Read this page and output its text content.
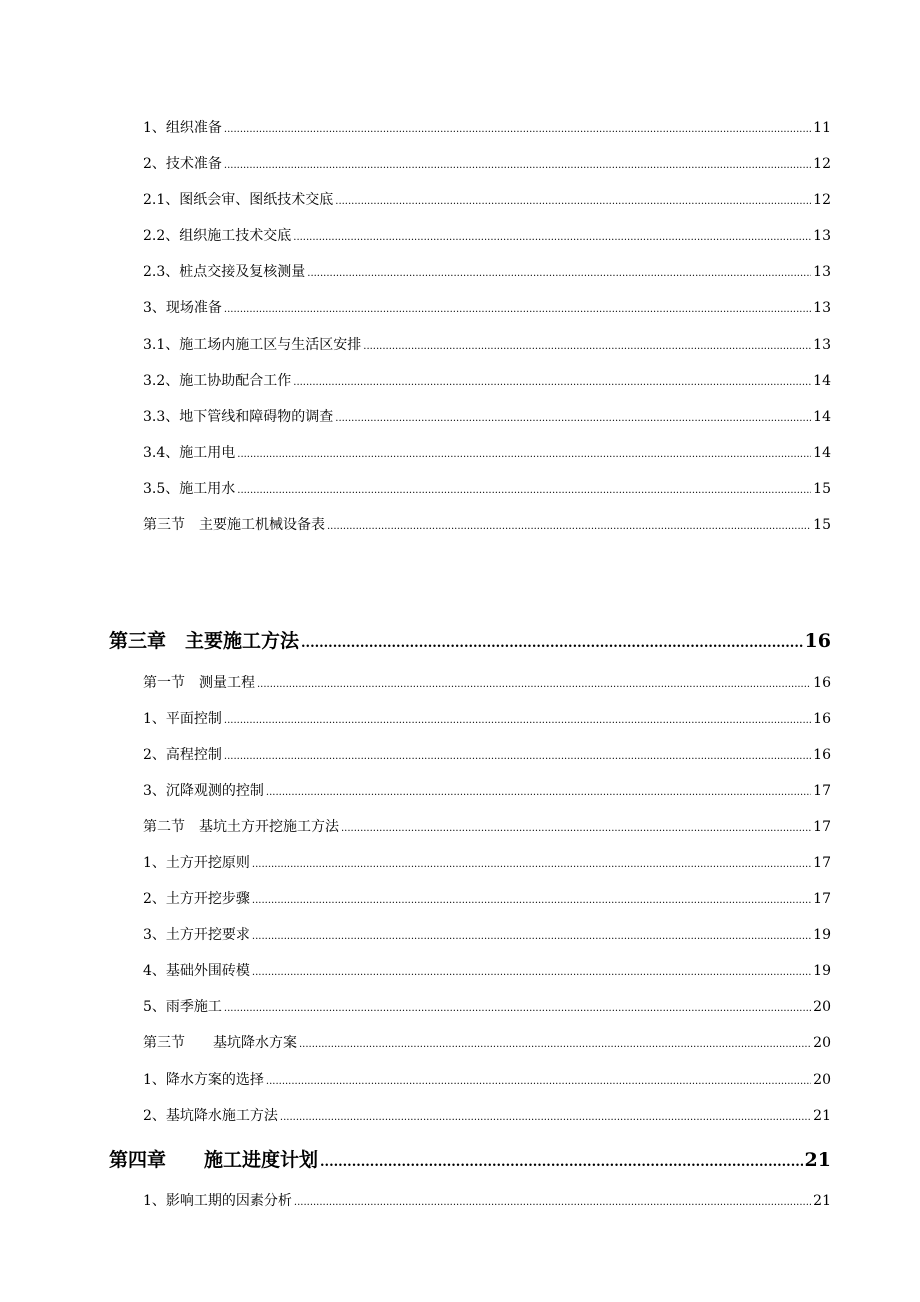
1、组织准备 .....	11
2、技术准备 .....	12
2.1、图纸会审、图纸技术交底 .....	12
2.2、组织施工技术交底 .....	13
2.3、桩点交接及复核测量 .....	13
3、现场准备 .....	13
3.1、施工场内施工区与生活区安排 .....	13
3.2、施工协助配合工作 .....	14
3.3、地下管线和障碍物的调查 .....	14
3.4、施工用电 .....	14
3.5、施工用水 .....	15
第三节　主要施工机械设备表 .....	15
第三章　主要施工方法 .....	16
第一节　测量工程 .....	16
1、平面控制 .....	16
2、高程控制 .....	16
3、沉降观测的控制 .....	17
第二节　基坑土方开挖施工方法 .....	17
1、土方开挖原则 .....	17
2、土方开挖步骤 .....	17
3、土方开挖要求 .....	19
4、基础外围砖模 .....	19
5、雨季施工 .....	20
第三节　　基坑降水方案 .....	20
1、降水方案的选择 .....	20
2、基坑降水施工方法 .....	21
第四章　　施工进度计划 .....	21
1、影响工期的因素分析 .....	21
